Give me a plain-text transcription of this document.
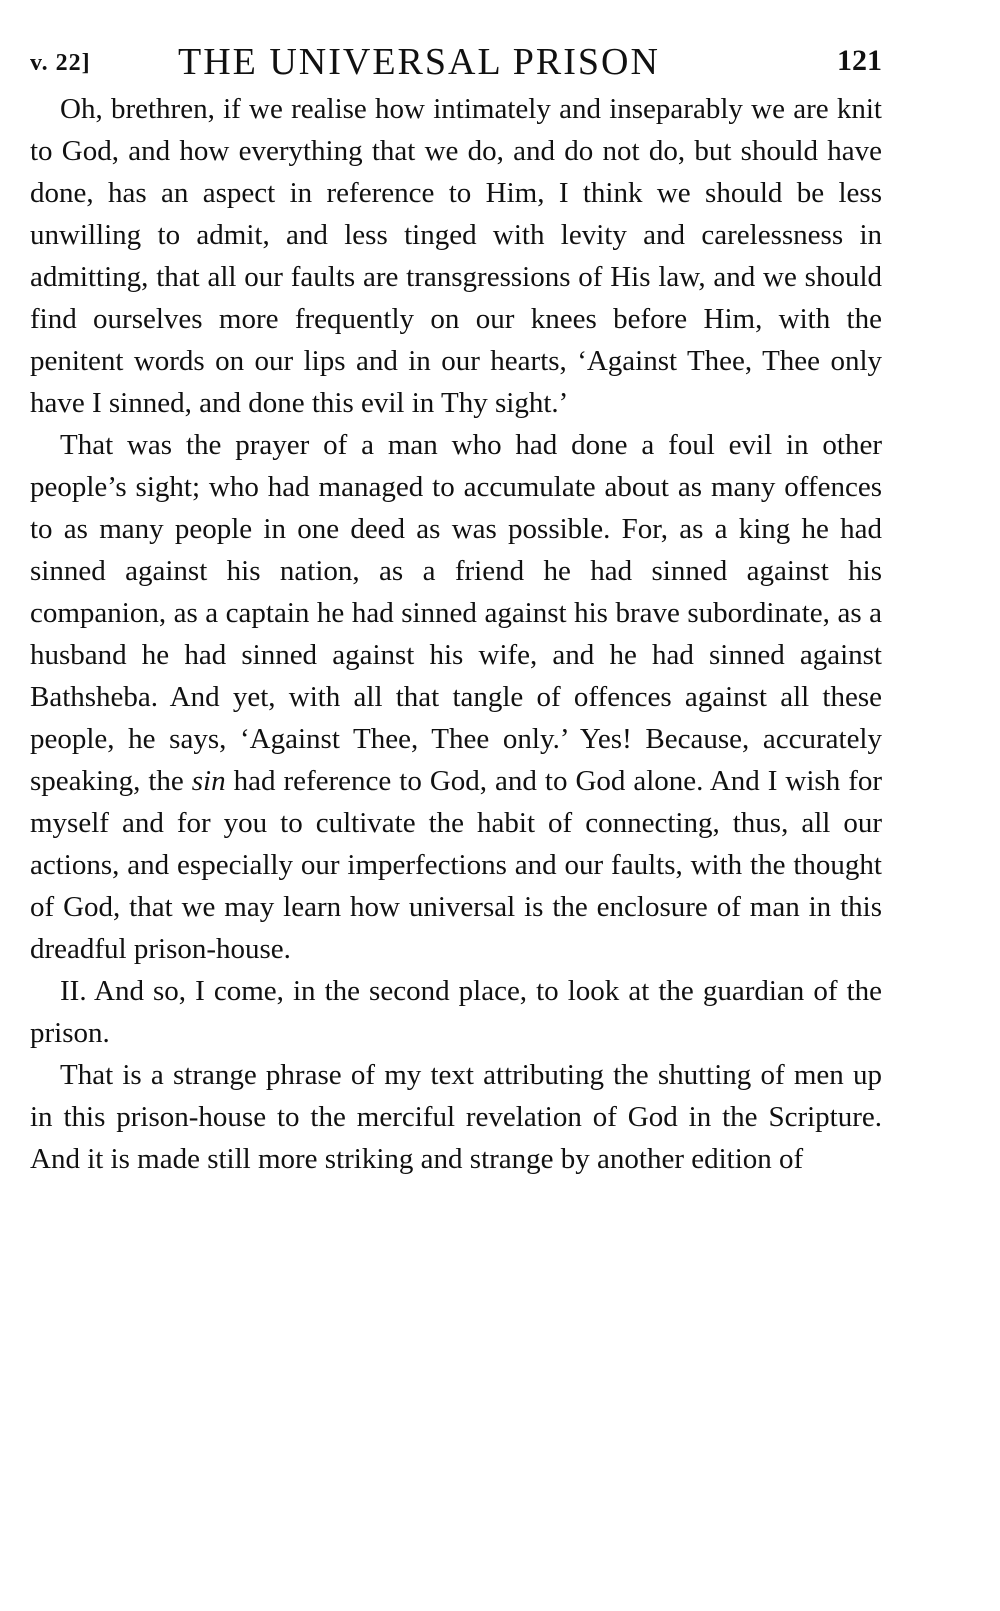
v. 22] THE UNIVERSAL PRISON	121

Oh, brethren, if we realise how intimately and inseparably we are knit to God, and how everything that we do, and do not do, but should have done, has an aspect in reference to Him, I think we should be less unwilling to admit, and less tinged with levity and carelessness in admitting, that all our faults are transgressions of His law, and we should find ourselves more frequently on our knees before Him, with the penitent words on our lips and in our hearts, ‘Against Thee, Thee only have I sinned, and done this evil in Thy sight.’

That was the prayer of a man who had done a foul evil in other people’s sight; who had managed to accumulate about as many offences to as many people in one deed as was possible. For, as a king he had sinned against his nation, as a friend he had sinned against his companion, as a captain he had sinned against his brave subordinate, as a husband he had sinned against his wife, and he had sinned against Bathsheba. And yet, with all that tangle of offences against all these people, he says, ‘Against Thee, Thee only.’ Yes! Because, accurately speaking, the sin had reference to God, and to God alone. And I wish for myself and for you to cultivate the habit of connecting, thus, all our actions, and especially our imperfections and our faults, with the thought of God, that we may learn how universal is the enclosure of man in this dreadful prison-house.

II. And so, I come, in the second place, to look at the guardian of the prison.

That is a strange phrase of my text attributing the shutting of men up in this prison-house to the merciful revelation of God in the Scripture. And it is made still more striking and strange by another edition of
